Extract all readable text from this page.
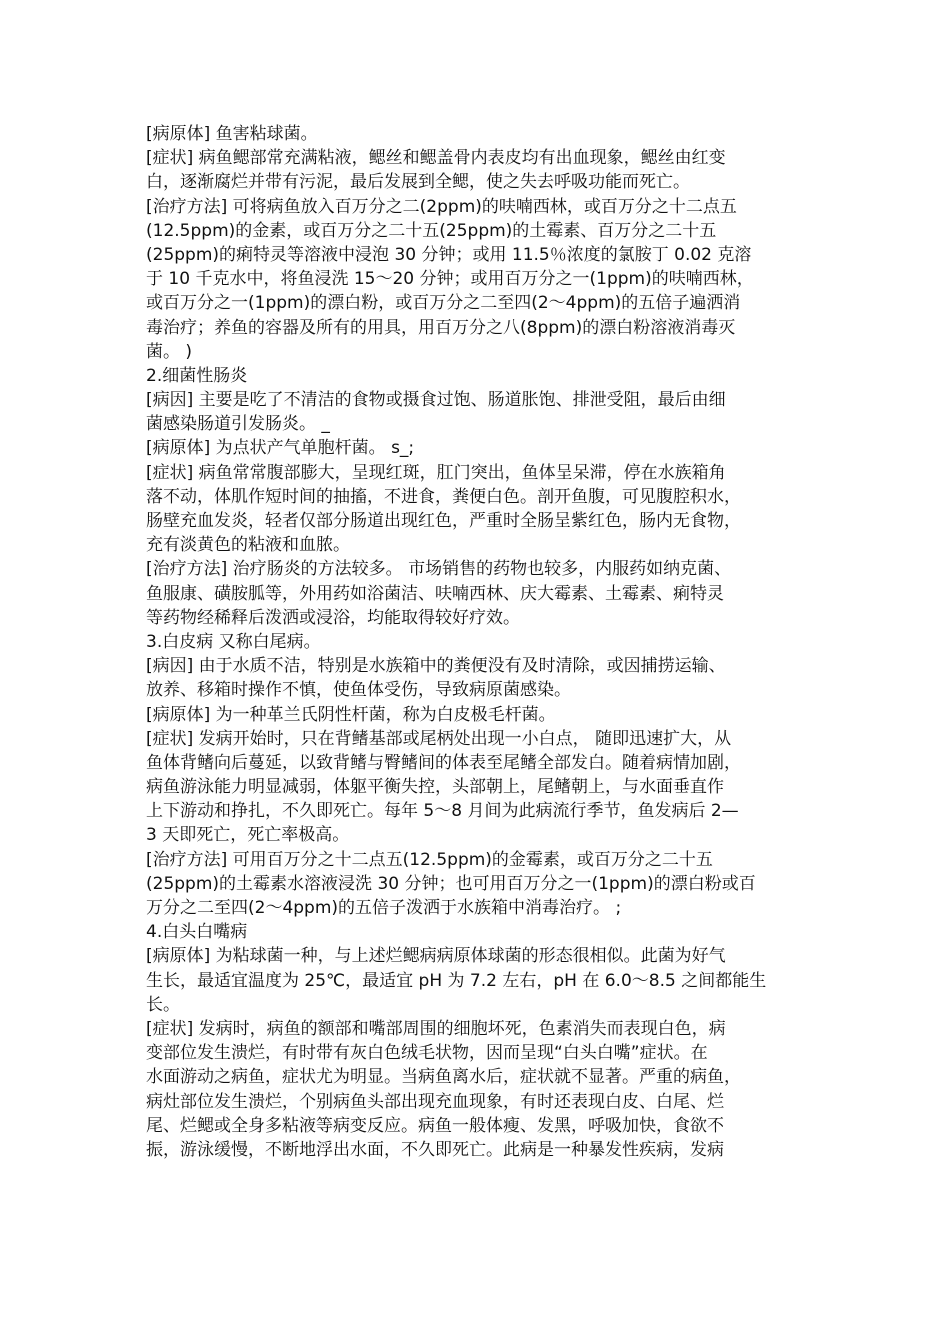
[病原体] 鱼害粘球菌。
[症状] 病鱼鳃部常充满粘液，鳃丝和鳃盖骨内表皮均有出血现象，鳃丝由红变
白，逐渐腐烂并带有污泥，最后发展到全鳃，使之失去呼吸功能而死亡。
[治疗方法] 可将病鱼放入百万分之二(2ppm)的呋喃西林，或百万分之十二点五
(12.5ppm)的金素，或百万分之二十五(25ppm)的土霉素、百万分之二十五
(25ppm)的痢特灵等溶液中浸泡 30 分钟；或用 11.5％浓度的氯胺丁 0.02 克溶
于 10 千克水中，将鱼浸洗 15～20 分钟；或用百万分之一(1ppm)的呋喃西林，
或百万分之一(1ppm)的漂白粉，或百万分之二至四(2～4ppm)的五倍子遍洒消
毒治疗；养鱼的容器及所有的用具，用百万分之八(8ppm)的漂白粉溶液消毒灭
菌。 )
2.细菌性肠炎
[病因] 主要是吃了不清洁的食物或摄食过饱、肠道胀饱、排泄受阻，最后由细
菌感染肠道引发肠炎。 _
[病原体] 为点状产气单胞杆菌。 s_;
[症状] 病鱼常常腹部膨大，呈现红斑，肛门突出，鱼体呈呆滞，停在水族箱角
落不动，体肌作短时间的抽搐，不进食，粪便白色。剖开鱼腹，可见腹腔积水，
肠壁充血发炎，轻者仅部分肠道出现红色，严重时全肠呈紫红色，肠内无食物，
充有淡黄色的粘液和血脓。
[治疗方法] 治疗肠炎的方法较多。 市场销售的药物也较多，内服药如纳克菌、
鱼服康、磺胺胍等，外用药如浴菌洁、呋喃西林、庆大霉素、土霉素、痢特灵
等药物经稀释后泼洒或浸浴，均能取得较好疗效。
3.白皮病 又称白尾病。
[病因] 由于水质不洁，特别是水族箱中的粪便没有及时清除，或因捕捞运输、
放养、移箱时操作不慎，使鱼体受伤，导致病原菌感染。
[病原体] 为一种革兰氏阴性杆菌，称为白皮极毛杆菌。
[症状] 发病开始时，只在背鳍基部或尾柄处出现一小白点， 随即迅速扩大，从
鱼体背鳍向后蔓延，以致背鳍与臀鳍间的体表至尾鳍全部发白。随着病情加剧，
病鱼游泳能力明显减弱，体躯平衡失控，头部朝上，尾鳍朝上，与水面垂直作
上下游动和挣扎，不久即死亡。每年 5～8 月间为此病流行季节，鱼发病后 2—
3 天即死亡，死亡率极高。
[治疗方法] 可用百万分之十二点五(12.5ppm)的金霉素，或百万分之二十五
(25ppm)的土霉素水溶液浸洗 30 分钟；也可用百万分之一(1ppm)的漂白粉或百
万分之二至四(2～4ppm)的五倍子泼洒于水族箱中消毒治疗。 ;
4.白头白嘴病
[病原体] 为粘球菌一种，与上述烂鳃病病原体球菌的形态很相似。此菌为好气
生长，最适宜温度为 25℃，最适宜 pH 为 7.2 左右，pH 在 6.0～8.5 之间都能生
长。
[症状] 发病时，病鱼的额部和嘴部周围的细胞坏死，色素消失而表现白色，病
变部位发生溃烂，有时带有灰白色绒毛状物，因而呈现“白头白嘴”症状。在
水面游动之病鱼，症状尤为明显。当病鱼离水后，症状就不显著。严重的病鱼，
病灶部位发生溃烂，个别病鱼头部出现充血现象，有时还表现白皮、白尾、烂
尾、烂鳃或全身多粘液等病变反应。病鱼一般体瘦、发黑，呼吸加快，食欲不
振，游泳缓慢，不断地浮出水面，不久即死亡。此病是一种暴发性疾病，发病
